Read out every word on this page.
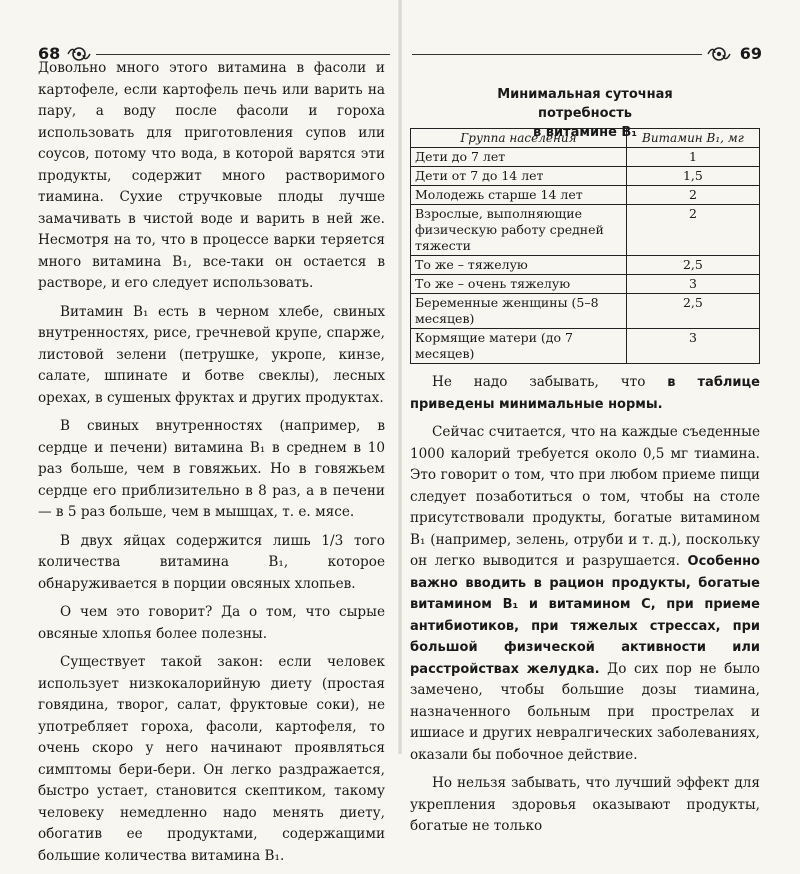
68

Довольно много этого витамина в фасоли и картофеле, если картофель печь или варить на пару, а воду после фасоли и гороха использовать для приготовления супов или соусов, потому что вода, в которой варятся эти продукты, содержит много растворимого тиамина. Сухие стручковые плоды лучше замачивать в чистой воде и варить в ней же. Несмотря на то, что в процессе варки теряется много витамина B₁, все-таки он остается в растворе, и его следует использовать.

Витамин B₁ есть в черном хлебе, свиных внутренностях, рисе, гречневой крупе, спарже, листовой зелени (петрушке, укропе, кинзе, салате, шпинате и ботве свеклы), лесных орехах, в сушеных фруктах и других продуктах.

В свиных внутренностях (например, в сердце и печени) витамина B₁ в среднем в 10 раз больше, чем в говяжьих. Но в говяжьем сердце его приблизительно в 8 раз, а в печени — в 5 раз больше, чем в мышцах, т. е. мясе.

В двух яйцах содержится лишь 1/3 того количества витамина B₁, которое обнаруживается в порции овсяных хлопьев.

О чем это говорит? Да о том, что сырые овсяные хлопья более полезны.

Существует такой закон: если человек использует низкокалорийную диету (простая говядина, творог, салат, фруктовые соки), не употребляет гороха, фасоли, картофеля, то очень скоро у него начинают проявляться симптомы бери-бери. Он легко раздражается, быстро устает, становится скептиком, такому человеку немедленно надо менять диету, обогатив ее продуктами, содержащими большие количества витамина B₁.

69
Минимальная суточная потребность
в витамине B₁
Группа населения	Витамин B₁, мг
Дети до 7 лет	1
Дети от 7 до 14 лет	1,5
Молодежь старше 14 лет	2
Взрослые, выполняющие физическую работу средней тяжести	2
То же – тяжелую	2,5
То же – очень тяжелую	3
Беременные женщины (5–8 месяцев)	2,5
Кормящие матери (до 7 месяцев)	3

Не надо забывать, что в таблице приведены минимальные нормы.

Сейчас считается, что на каждые съеденные 1000 калорий требуется около 0,5 мг тиамина. Это говорит о том, что при любом приеме пищи следует позаботиться о том, чтобы на столе присутствовали продукты, богатые витамином B₁ (например, зелень, отруби и т. д.), поскольку он легко выводится и разрушается. Особенно важно вводить в рацион продукты, богатые витамином B₁ и витамином С, при приеме антибиотиков, при тяжелых стрессах, при большой физической активности или расстройствах желудка. До сих пор не было замечено, чтобы большие дозы тиамина, назначенного больным при прострелах и ишиасе и других невралгических заболеваниях, оказали бы побочное действие.

Но нельзя забывать, что лучший эффект для укрепления здоровья оказывают продукты, богатые не только
